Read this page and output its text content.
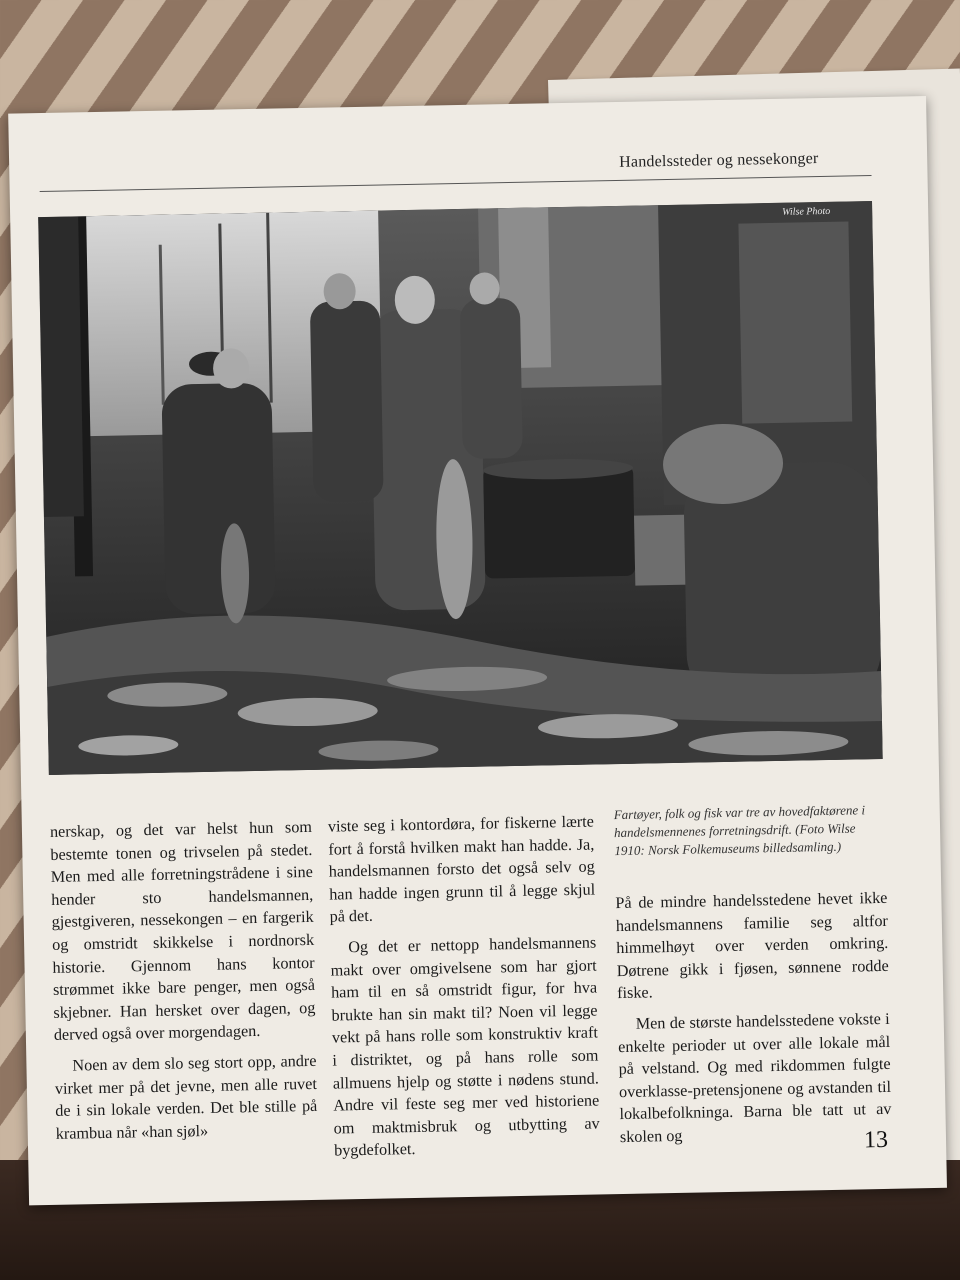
Handelssteder og nessekonger
Wilse Photo

nerskap, og det var helst hun som bestemte tonen og trivselen på stedet. Men med alle forretningstrådene i sine hender sto handelsmannen, gjestgiveren, nessekongen – en fargerik og omstridt skikkelse i nordnorsk historie. Gjennom hans kontor strømmet ikke bare penger, men også skjebner. Han hersket over dagen, og derved også over morgendagen.

Noen av dem slo seg stort opp, andre virket mer på det jevne, men alle ruvet de i sin lokale verden. Det ble stille på krambua når «han sjøl»

viste seg i kontordøra, for fiskerne lærte fort å forstå hvilken makt han hadde. Ja, handelsmannen forsto det også selv og han hadde ingen grunn til å legge skjul på det.

Og det er nettopp handelsmannens makt over omgivelsene som har gjort ham til en så omstridt figur, for hva brukte han sin makt til? Noen vil legge vekt på hans rolle som konstruktiv kraft i distriktet, og på hans rolle som allmuens hjelp og støtte i nødens stund. Andre vil feste seg mer ved historiene om maktmisbruk og utbytting av bygdefolket.

Fartøyer, folk og fisk var tre av hovedfaktørene i handelsmennenes forretningsdrift. (Foto Wilse 1910: Norsk Folkemuseums billedsamling.)

På de mindre handelsstedene hevet ikke handelsmannens familie seg altfor himmelhøyt over verden omkring. Døtrene gikk i fjøsen, sønnene rodde fiske.

Men de største handelsstedene vokste i enkelte perioder ut over alle lokale mål på velstand. Og med rikdommen fulgte overklasse-pretensjonene og avstanden til lokalbefolkninga. Barna ble tatt ut av skolen og	13
